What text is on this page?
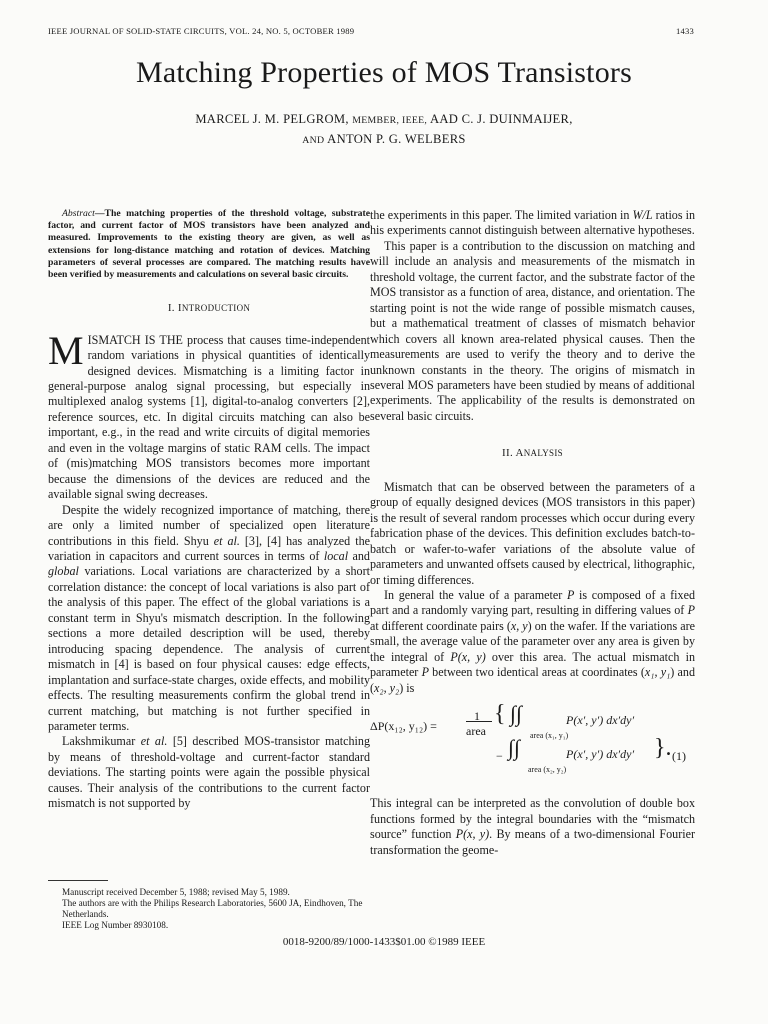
IEEE JOURNAL OF SOLID-STATE CIRCUITS, VOL. 24, NO. 5, OCTOBER 1989	1433
Matching Properties of MOS Transistors
MARCEL J. M. PELGROM, MEMBER, IEEE, AAD C. J. DUINMAIJER,
AND ANTON P. G. WELBERS

Abstract—The matching properties of the threshold voltage, substrate factor, and current factor of MOS transistors have been analyzed and measured. Improvements to the existing theory are given, as well as extensions for long-distance matching and rotation of devices. Matching parameters of several processes are compared. The matching results have been verified by measurements and calculations on several basic circuits.

I. INTRODUCTION

MISMATCH IS THE process that causes time-independent random variations in physical quantities of identically designed devices. Mismatching is a limiting factor in general-purpose analog signal processing, but especially in multiplexed analog systems [1], digital-to-analog converters [2], reference sources, etc. In digital circuits matching can also be important, e.g., in the read and write circuits of digital memories and even in the voltage margins of static RAM cells. The impact of (mis)matching MOS transistors becomes more important because the dimensions of the devices are reduced and the available signal swing decreases.

Despite the widely recognized importance of matching, there are only a limited number of specialized open literature contributions in this field. Shyu et al. [3], [4] has analyzed the variation in capacitors and current sources in terms of local and global variations. Local variations are characterized by a short correlation distance: the concept of local variations is also part of the analysis of this paper. The effect of the global variations is a constant term in Shyu's mismatch description. In the following sections a more detailed description will be used, thereby introducing spacing dependence. The analysis of current mismatch in [4] is based on four physical causes: edge effects, implantation and surface-state charges, oxide effects, and mobility effects. The resulting measurements confirm the global trend in current matching, but matching is not further specified in parameter terms.

Lakshmikumar et al. [5] described MOS-transistor matching by means of threshold-voltage and current-factor standard deviations. The starting points were again the possible physical causes. Their analysis of the contributions to the current factor mismatch is not supported by

Manuscript received December 5, 1988; revised May 5, 1989.
The authors are with the Philips Research Laboratories, 5600 JA, Eindhoven, The Netherlands.
IEEE Log Number 8930108.

the experiments in this paper. The limited variation in W/L ratios in his experiments cannot distinguish between alternative hypotheses.

This paper is a contribution to the discussion on matching and will include an analysis and measurements of the mismatch in threshold voltage, the current factor, and the substrate factor of the MOS transistor as a function of area, distance, and orientation. The starting point is not the wide range of possible mismatch causes, but a mathematical treatment of classes of mismatch behavior which covers all known area-related physical causes. Then the measurements are used to verify the theory and to derive the unknown constants in the theory. The origins of mismatch in several MOS parameters have been studied by means of additional experiments. The applicability of the results is demonstrated on several basic circuits.

II. ANALYSIS

Mismatch that can be observed between the parameters of a group of equally designed devices (MOS transistors in this paper) is the result of several random processes which occur during every fabrication phase of the devices. This definition excludes batch-to-batch or wafer-to-wafer variations of the absolute value of parameters and unwanted offsets caused by electrical, lithographic, or timing differences.

In general the value of a parameter P is composed of a fixed part and a randomly varying part, resulting in differing values of P at different coordinate pairs (x, y) on the wafer. If the variations are small, the average value of the parameter over any area is given by the integral of P(x, y) over this area. The actual mismatch in parameter P between two identical areas at coordinates (x₁, y₁) and (x₂, y₂) is

ΔP(x₁₂, y₁₂) =
1
area
{ ∫∫
area (x₁, y₁)
P(x′, y′) dx′dy′
− ∫∫
area (x₂, y₂)
P(x′, y′) dx′dy′ }. (1)

This integral can be interpreted as the convolution of double box functions formed by the integral boundaries with the “mismatch source” function P(x, y). By means of a two-dimensional Fourier transformation the geome-

0018-9200/89/1000-1433$01.00 ©1989 IEEE
